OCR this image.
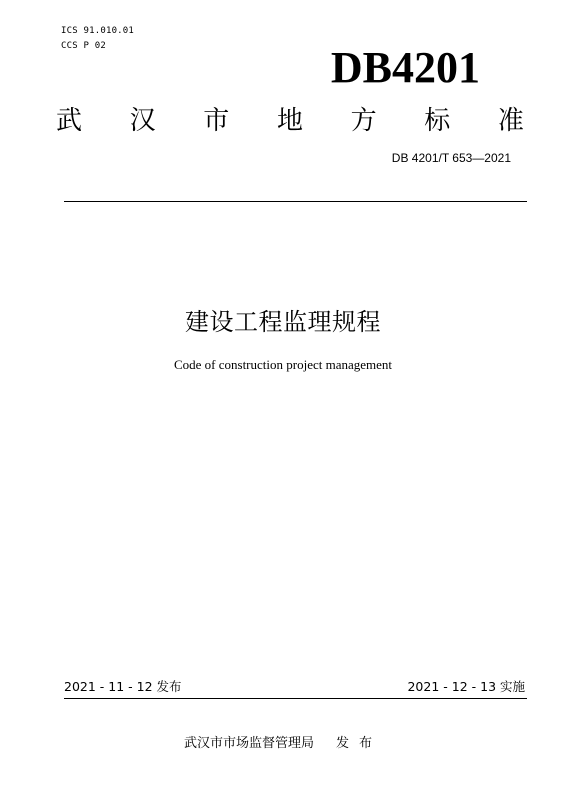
ICS 91.010.01
CCS P 02	DB4201
武 汉 市 地 方 标 准
DB 4201/T 653—2021
建设工程监理规程
Code of construction project management
2021 - 11 - 12 发布	2021 - 12 - 13 实施
武汉市市场监督管理局 发布
